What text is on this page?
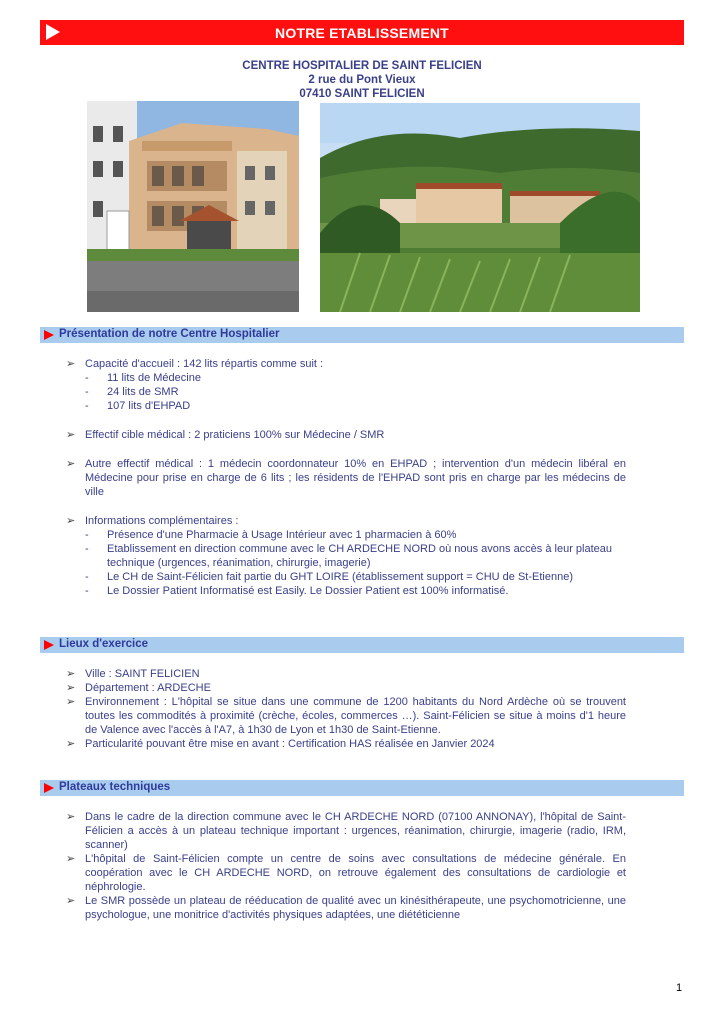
NOTRE ETABLISSEMENT
CENTRE HOSPITALIER DE SAINT FELICIEN
2 rue du Pont Vieux
07410 SAINT FELICIEN
Présentation de notre Centre Hospitalier
➢ Capacité d'accueil : 142 lits répartis comme suit :
- 11 lits de Médecine
- 24 lits de SMR
- 107 lits d'EHPAD
➢ Effectif cible médical : 2 praticiens 100% sur Médecine / SMR
➢ Autre effectif médical : 1 médecin coordonnateur 10% en EHPAD ; intervention d'un médecin libéral en Médecine pour prise en charge de 6 lits ; les résidents de l'EHPAD sont pris en charge par les médecins de ville
➢ Informations complémentaires :
- Présence d'une Pharmacie à Usage Intérieur avec 1 pharmacien à 60%
- Etablissement en direction commune avec le CH ARDECHE NORD où nous avons accès à leur plateau technique (urgences, réanimation, chirurgie, imagerie)
- Le CH de Saint-Félicien fait partie du GHT LOIRE (établissement support = CHU de St-Etienne)
- Le Dossier Patient Informatisé est Easily. Le Dossier Patient est 100% informatisé.
Lieux d'exercice
➢ Ville : SAINT FELICIEN
➢ Département : ARDECHE
➢ Environnement : L'hôpital se situe dans une commune de 1200 habitants du Nord Ardèche où se trouvent toutes les commodités à proximité (crèche, écoles, commerces …). Saint-Félicien se situe à moins d'1 heure de Valence avec l'accès à l'A7, à 1h30 de Lyon et 1h30 de Saint-Etienne.
➢ Particularité pouvant être mise en avant : Certification HAS réalisée en Janvier 2024
Plateaux techniques
➢ Dans le cadre de la direction commune avec le CH ARDECHE NORD (07100 ANNONAY), l'hôpital de Saint-Félicien a accès à un plateau technique important : urgences, réanimation, chirurgie, imagerie (radio, IRM, scanner)
➢ L'hôpital de Saint-Félicien compte un centre de soins avec consultations de médecine générale. En coopération avec le CH ARDECHE NORD, on retrouve également des consultations de cardiologie et néphrologie.
➢ Le SMR possède un plateau de rééducation de qualité avec un kinésithérapeute, une psychomotricienne, une psychologue, une monitrice d'activités physiques adaptées, une diététicienne
1
